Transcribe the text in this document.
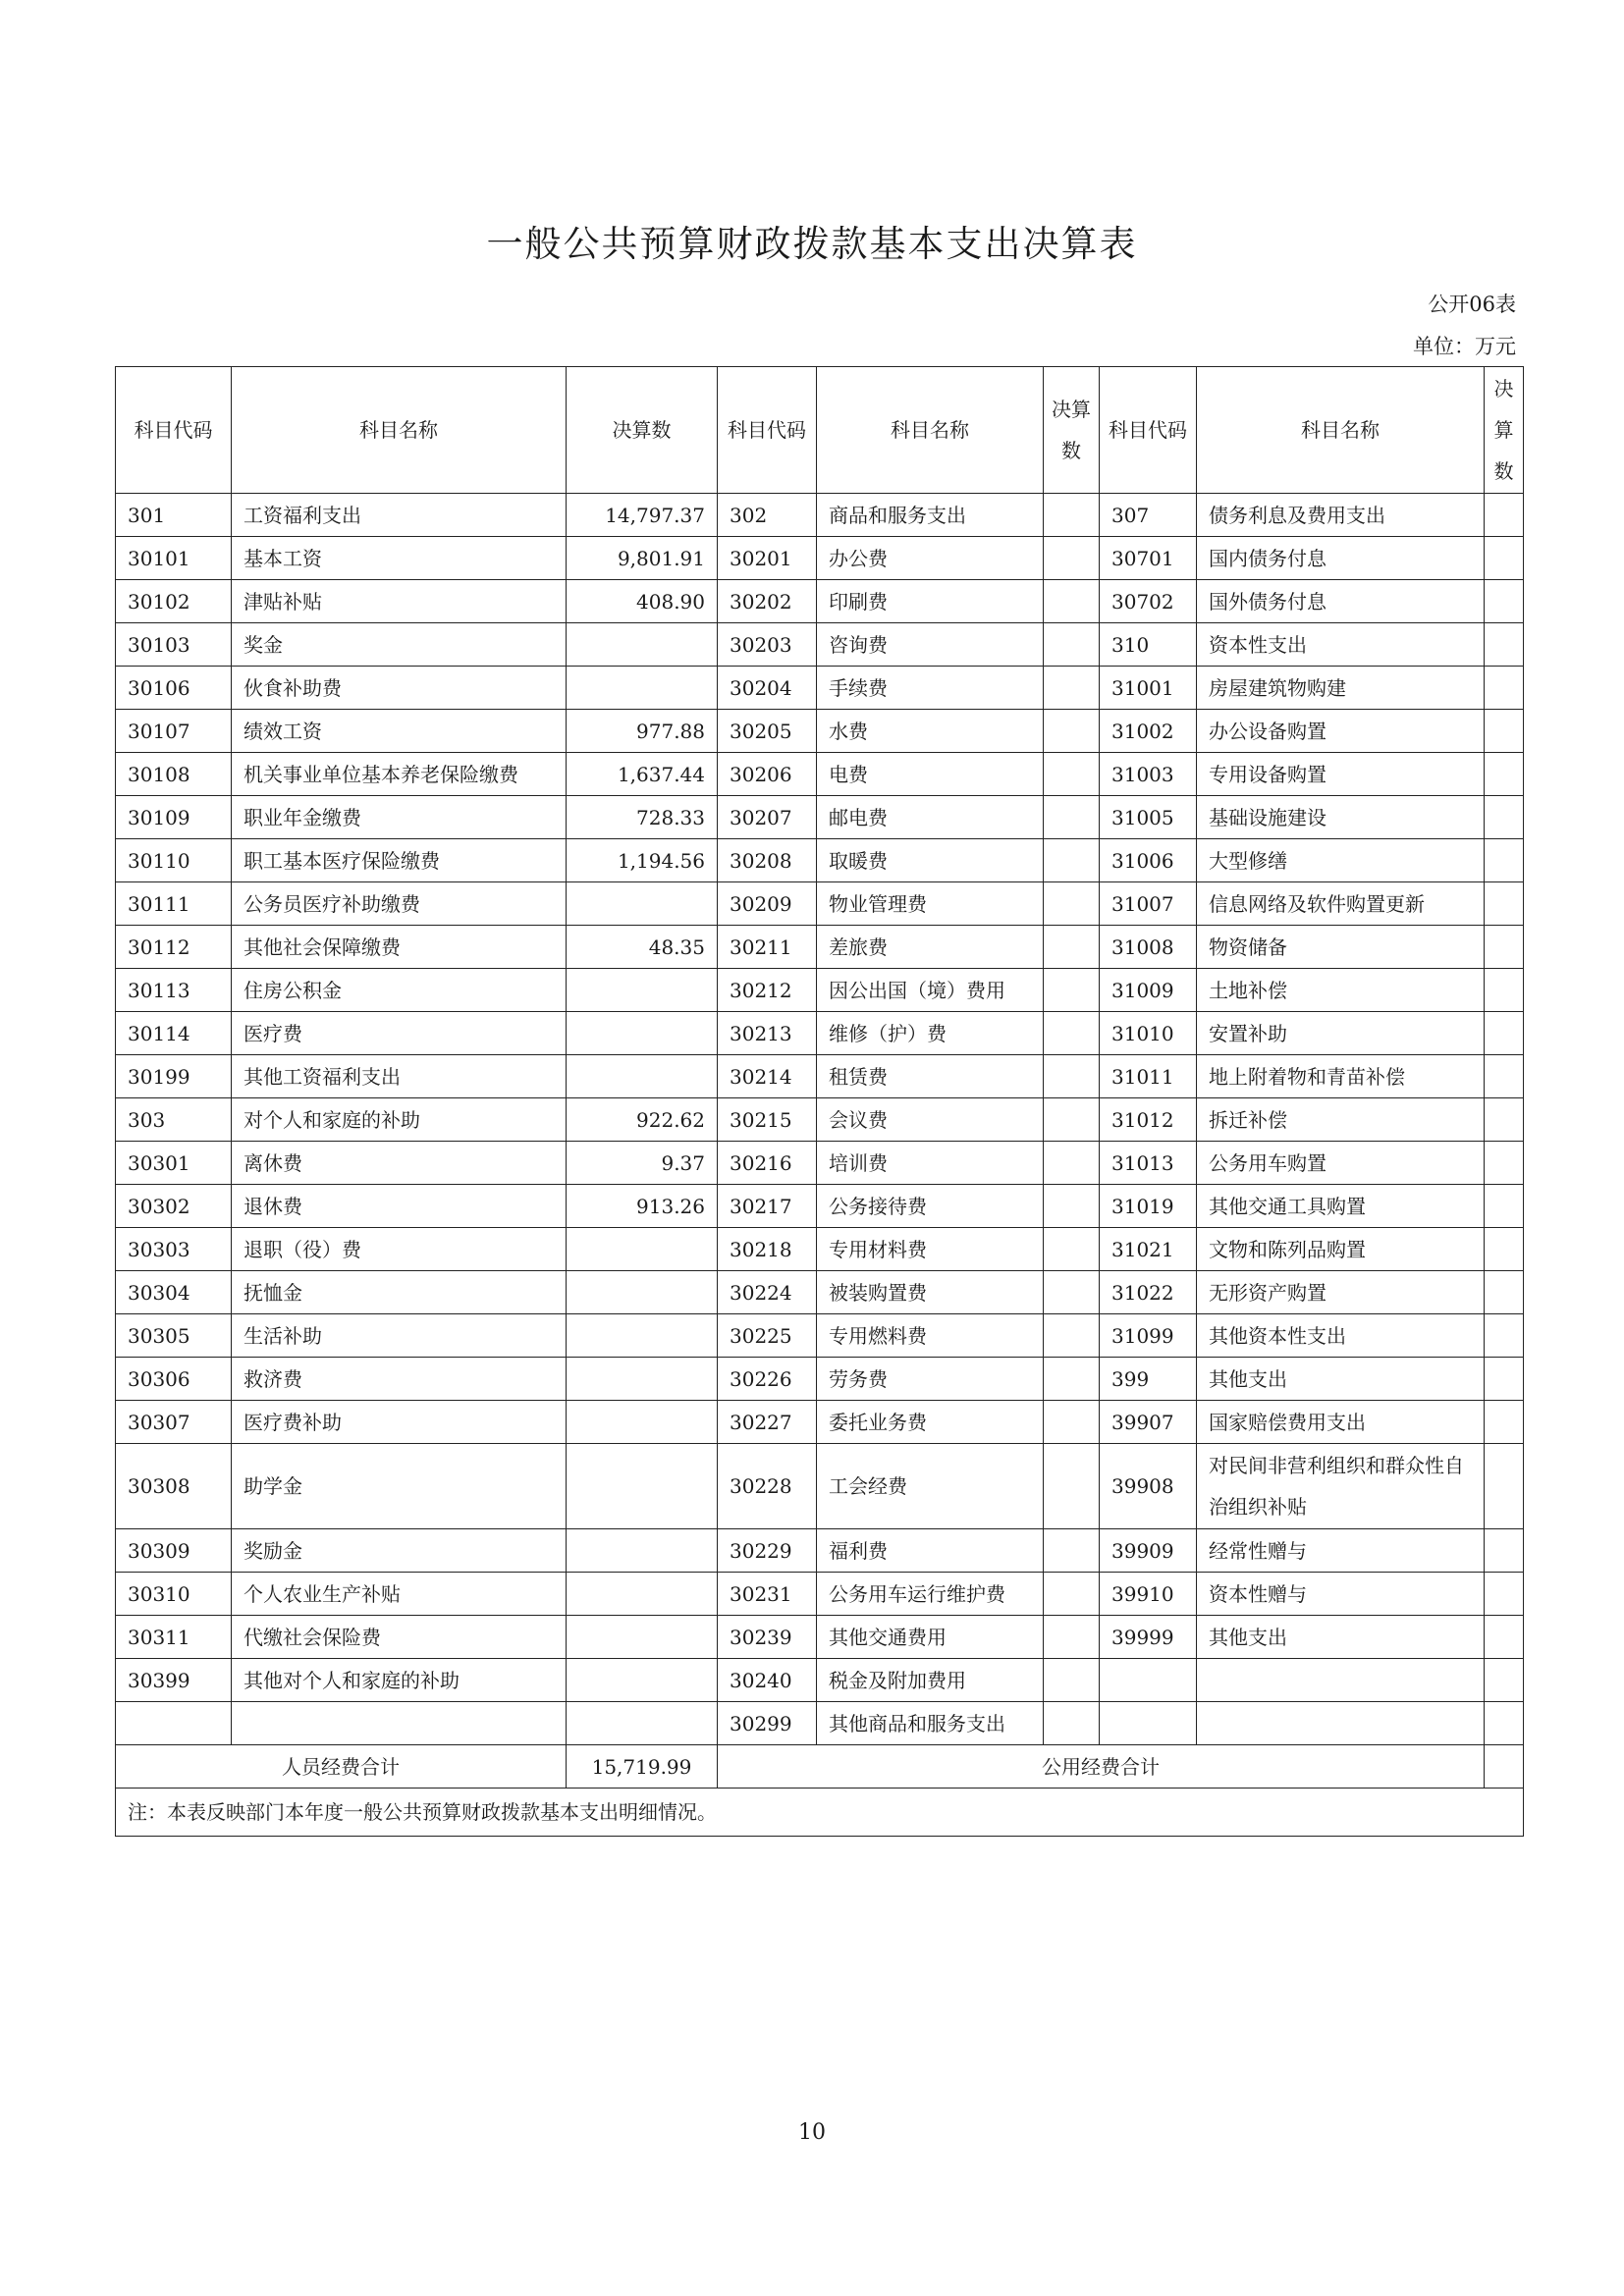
一般公共预算财政拨款基本支出决算表
公开06表
单位：万元
科目代码	科目名称	决算数	科目代码	科目名称	决算数	科目代码	科目名称	决算数
301	工资福利支出	14,797.37	302	商品和服务支出		307	债务利息及费用支出	
30101	基本工资	9,801.91	30201	办公费		30701	国内债务付息	
30102	津贴补贴	408.90	30202	印刷费		30702	国外债务付息	
30103	奖金		30203	咨询费		310	资本性支出	
30106	伙食补助费		30204	手续费		31001	房屋建筑物购建	
30107	绩效工资	977.88	30205	水费		31002	办公设备购置	
30108	机关事业单位基本养老保险缴费	1,637.44	30206	电费		31003	专用设备购置	
30109	职业年金缴费	728.33	30207	邮电费		31005	基础设施建设	
30110	职工基本医疗保险缴费	1,194.56	30208	取暖费		31006	大型修缮	
30111	公务员医疗补助缴费		30209	物业管理费		31007	信息网络及软件购置更新	
30112	其他社会保障缴费	48.35	30211	差旅费		31008	物资储备	
30113	住房公积金		30212	因公出国（境）费用		31009	土地补偿	
30114	医疗费		30213	维修（护）费		31010	安置补助	
30199	其他工资福利支出		30214	租赁费		31011	地上附着物和青苗补偿	
303	对个人和家庭的补助	922.62	30215	会议费		31012	拆迁补偿	
30301	离休费	9.37	30216	培训费		31013	公务用车购置	
30302	退休费	913.26	30217	公务接待费		31019	其他交通工具购置	
30303	退职（役）费		30218	专用材料费		31021	文物和陈列品购置	
30304	抚恤金		30224	被装购置费		31022	无形资产购置	
30305	生活补助		30225	专用燃料费		31099	其他资本性支出	
30306	救济费		30226	劳务费		399	其他支出	
30307	医疗费补助		30227	委托业务费		39907	国家赔偿费用支出	
30308	助学金		30228	工会经费		39908	对民间非营利组织和群众性自治组织补贴	
30309	奖励金		30229	福利费		39909	经常性赠与	
30310	个人农业生产补贴		30231	公务用车运行维护费		39910	资本性赠与	
30311	代缴社会保险费		30239	其他交通费用		39999	其他支出	
30399	其他对个人和家庭的补助		30240	税金及附加费用				
			30299	其他商品和服务支出				
人员经费合计		15,719.99	公用经费合计					
注：本表反映部门本年度一般公共预算财政拨款基本支出明细情况。								
10
